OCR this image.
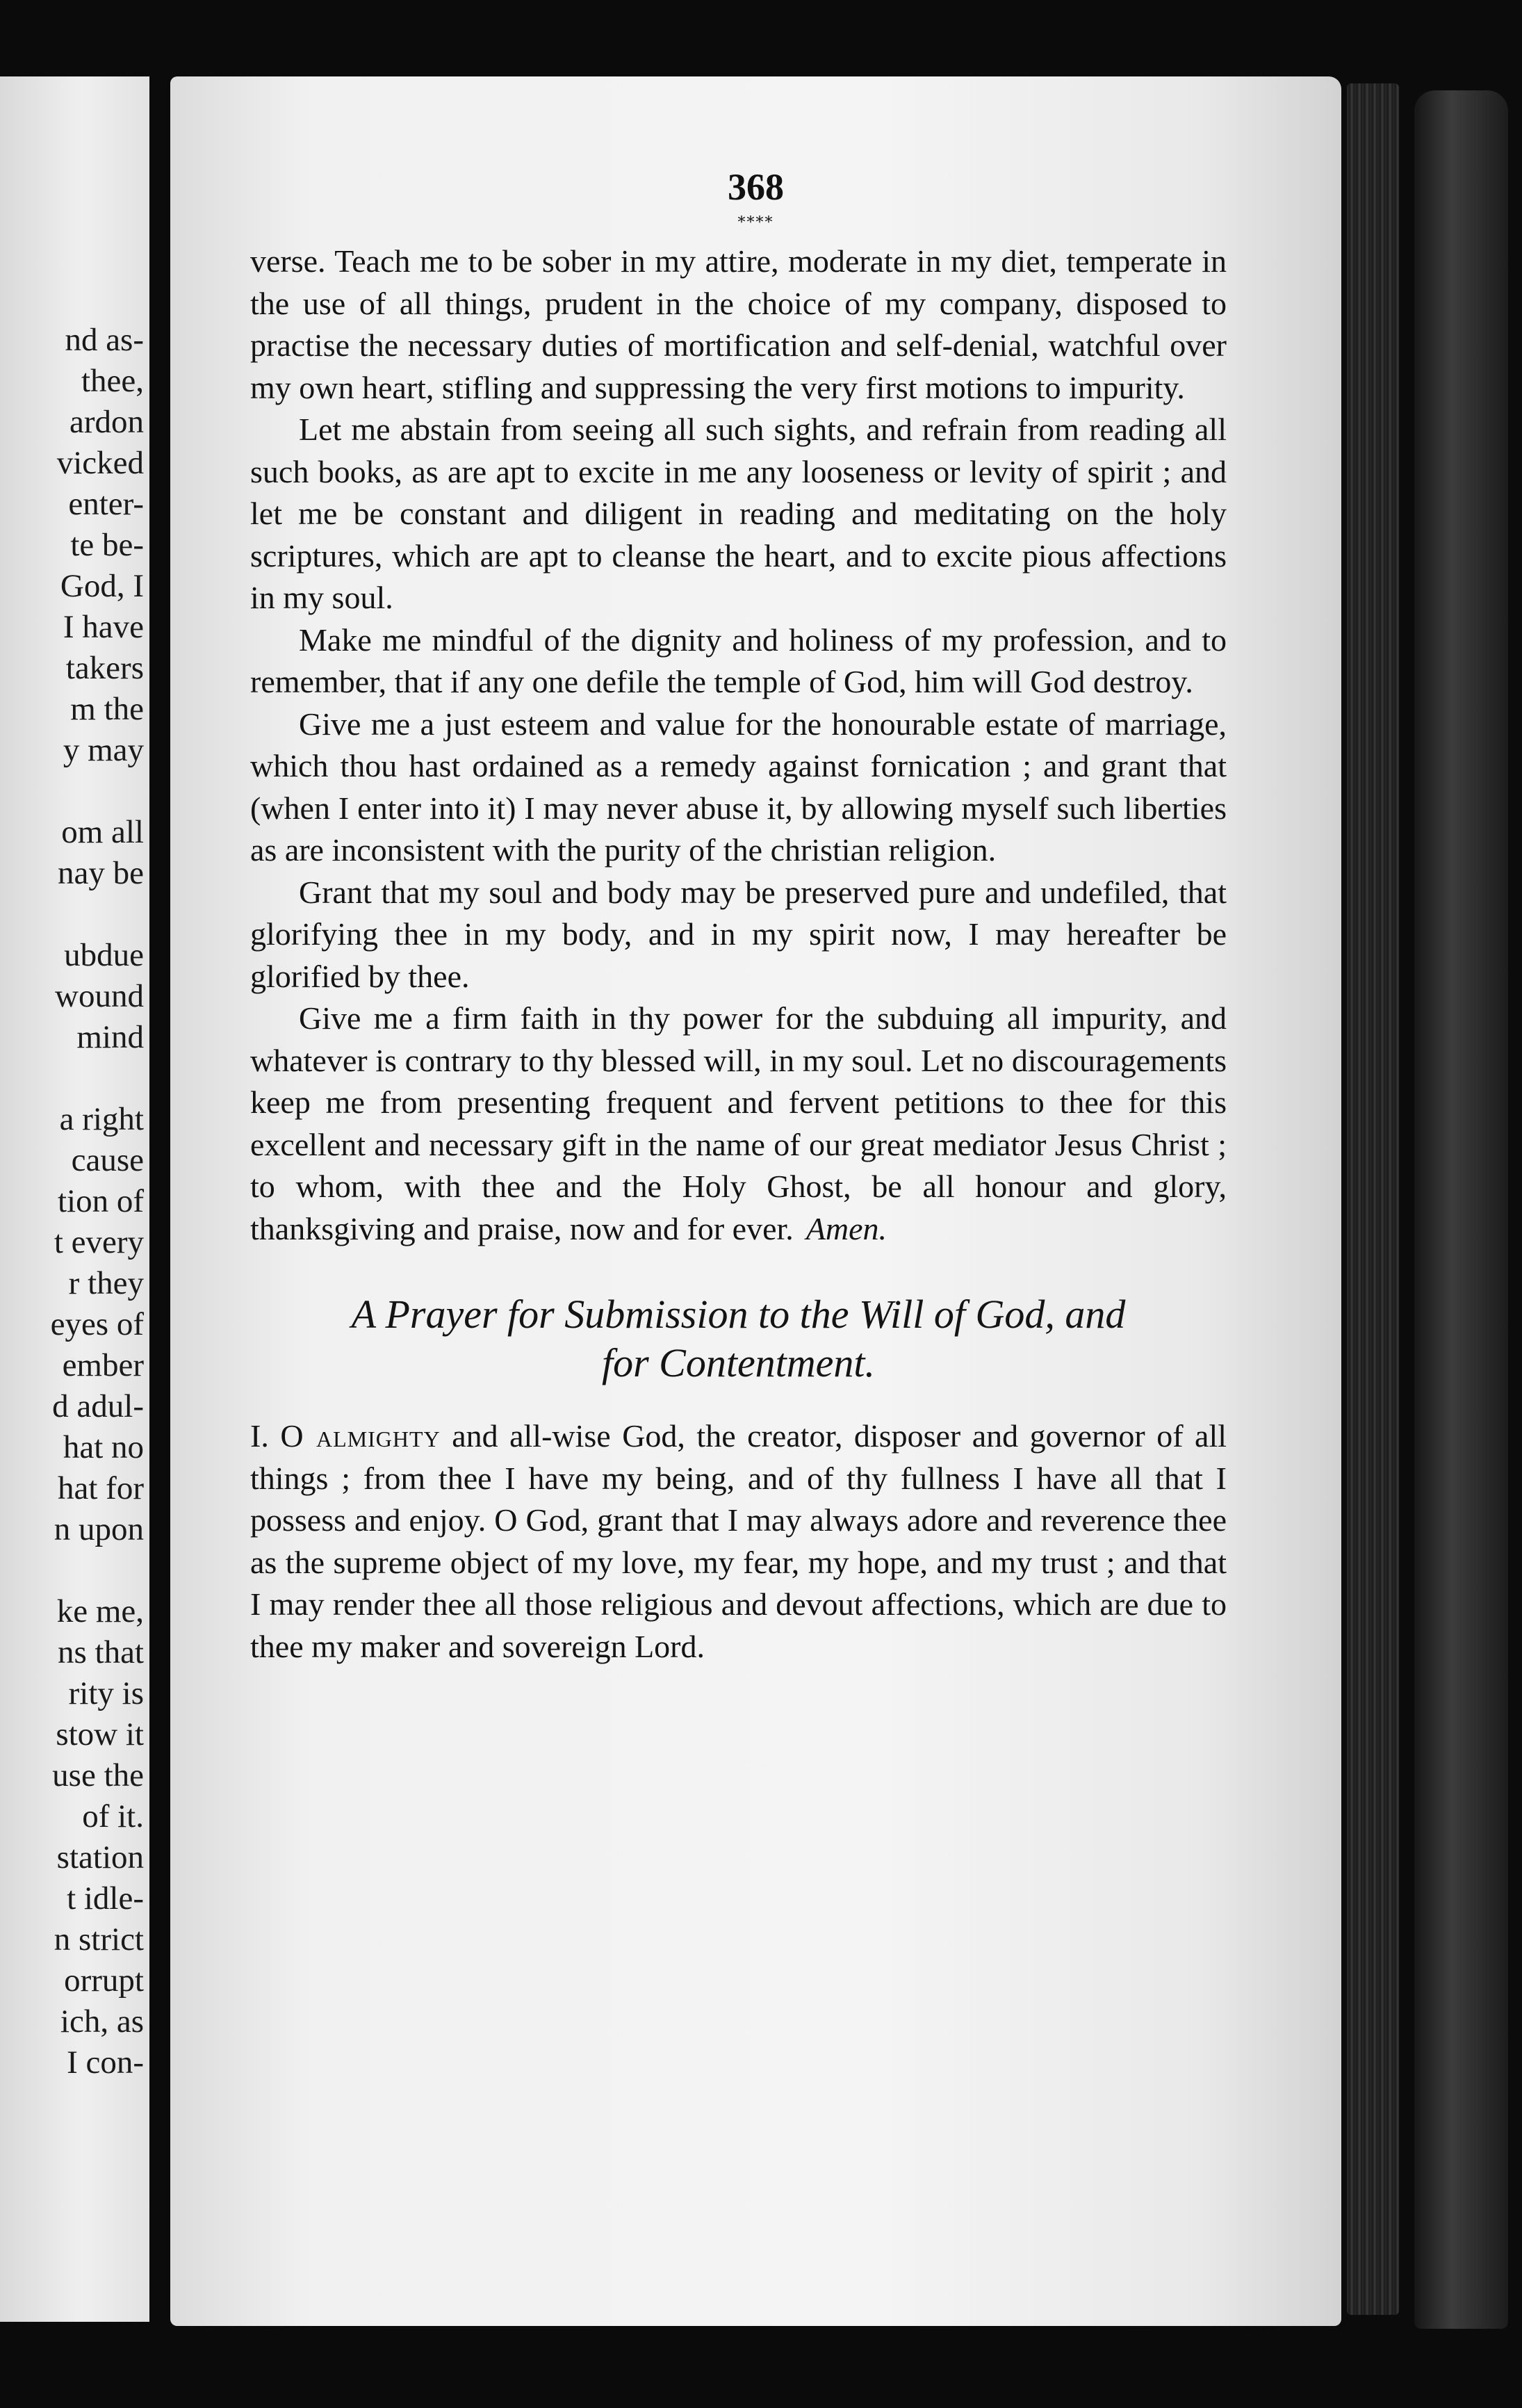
nd as-
thee,
ardon
vicked
enter-
te be-
God, I
I have
takers
m the
y may
om all
nay be
ubdue
wound
mind
a right
cause
tion of
t every
r they
eyes of
ember
d adul-
hat no
hat for
n upon
ke me,
ns that
rity is
stow it
use the
of it.
station
t idle-
n strict
orrupt
ich, as
I con-
368
****

verse. Teach me to be sober in my attire, moderate in my diet, temperate in the use of all things, prudent in the choice of my company, disposed to practise the necessary duties of mortification and self-denial, watchful over my own heart, stifling and suppressing the very first motions to impurity.

Let me abstain from seeing all such sights, and refrain from reading all such books, as are apt to excite in me any looseness or levity of spirit ; and let me be constant and diligent in reading and meditating on the holy scriptures, which are apt to cleanse the heart, and to excite pious affections in my soul.

Make me mindful of the dignity and holiness of my profession, and to remember, that if any one defile the temple of God, him will God destroy.

Give me a just esteem and value for the honourable estate of marriage, which thou hast ordained as a remedy against fornication ; and grant that (when I enter into it) I may never abuse it, by allowing myself such liberties as are inconsistent with the purity of the christian religion.

Grant that my soul and body may be preserved pure and undefiled, that glorifying thee in my body, and in my spirit now, I may hereafter be glorified by thee.

Give me a firm faith in thy power for the subduing all impurity, and whatever is contrary to thy blessed will, in my soul. Let no discouragements keep me from presenting frequent and fervent petitions to thee for this excellent and necessary gift in the name of our great mediator Jesus Christ ; to whom, with thee and the Holy Ghost, be all honour and glory, thanksgiving and praise, now and for ever. Amen.

A Prayer for Submission to the Will of God, and
for Contentment.

I. O almighty and all-wise God, the creator, disposer and governor of all things ; from thee I have my being, and of thy fullness I have all that I possess and enjoy. O God, grant that I may always adore and reverence thee as the supreme object of my love, my fear, my hope, and my trust ; and that I may render thee all those religious and devout affections, which are due to thee my maker and sovereign Lord.
